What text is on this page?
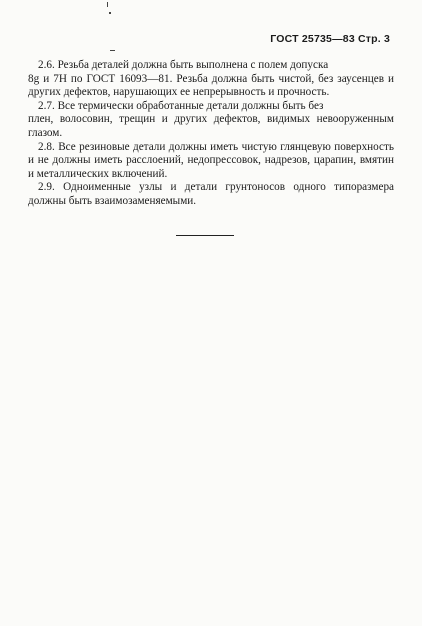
ГОСТ 25735—83 Стр. 3

2.6. Резьба деталей должна быть выполнена с полем допуска
8g и 7H по ГОСТ 16093—81. Резьба должна быть чистой, без заусенцев и других дефектов, нарушающих ее непрерывность и прочность.

2.7. Все термически обработанные детали должны быть без
плен, волосовин, трещин и других дефектов, видимых невооруженным глазом.

2.8. Все резиновые детали должны иметь чистую глянцевую поверхность и не должны иметь расслоений, недопрессовок, надрезов, царапин, вмятин и металлических включений.

2.9. Одноименные узлы и детали грунтоносов одного типоразмера должны быть взаимозаменяемыми.
